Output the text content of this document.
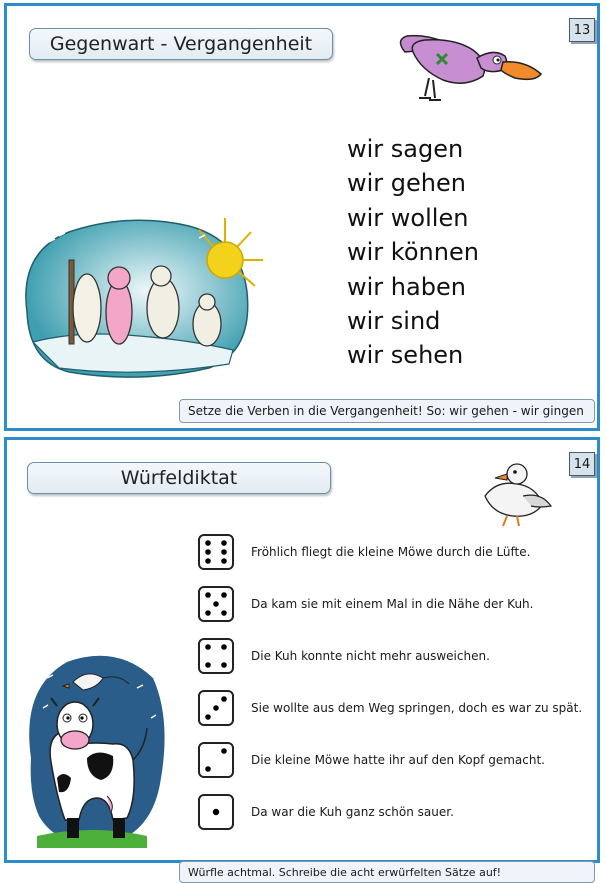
Gegenwart - Vergangenheit
13
wir sagen
wir gehen
wir wollen
wir können
wir haben
wir sind
wir sehen
Setze die Verben in die Vergangenheit! So: wir gehen - wir gingen
Würfeldiktat
14
Fröhlich fliegt die kleine Möwe durch die Lüfte.
Da kam sie mit einem Mal in die Nähe der Kuh.
Die Kuh konnte nicht mehr ausweichen.
Sie wollte aus dem Weg springen, doch es war zu spät.
Die kleine Möwe hatte ihr auf den Kopf gemacht.
Da war die Kuh ganz schön sauer.
Würfle achtmal. Schreibe die acht erwürfelten Sätze auf!
